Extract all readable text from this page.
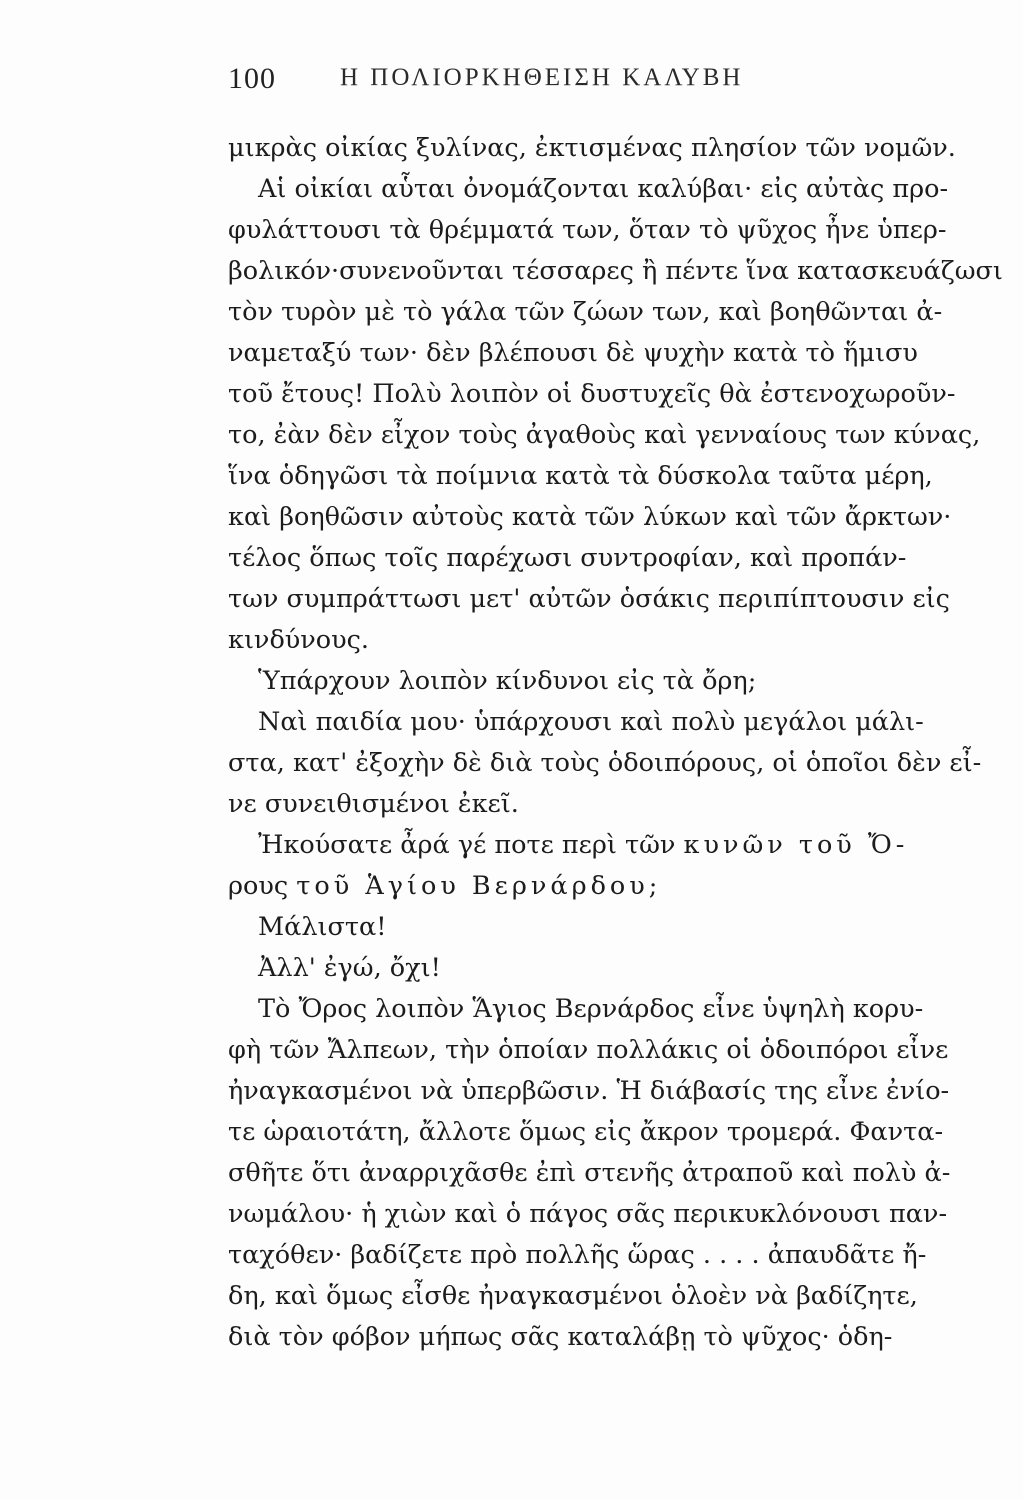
100	Η ΠΟΛΙΟΡΚΗΘΕΙΣΗ ΚΑΛΥΒΗ
μικρὰς οἰκίας ξυλίνας, ἐκτισμένας πλησίον τῶν νομῶν.
Αἱ οἰκίαι αὗται ὀνομάζονται καλύβαι· εἰς αὐτὰς προ-
φυλάττουσι τὰ θρέμματά των, ὅταν τὸ ψῦχος ἦνε ὑπερ-
βολικόν·συνενοῦνται τέσσαρες ἢ πέντε ἵνα κατασκευάζωσι
τὸν τυρὸν μὲ τὸ γάλα τῶν ζώων των, καὶ βοηθῶνται ἀ-
ναμεταξύ των· δὲν βλέπουσι δὲ ψυχὴν κατὰ τὸ ἥμισυ
τοῦ ἔτους! Πολὺ λοιπὸν οἱ δυστυχεῖς θὰ ἐστενοχωροῦν-
το, ἐὰν δὲν εἶχον τοὺς ἀγαθοὺς καὶ γενναίους των κύνας,
ἵνα ὁδηγῶσι τὰ ποίμνια κατὰ τὰ δύσκολα ταῦτα μέρη,
καὶ βοηθῶσιν αὐτοὺς κατὰ τῶν λύκων καὶ τῶν ἄρκτων·
τέλος ὅπως τοῖς παρέχωσι συντροφίαν, καὶ προπάν-
των συμπράττωσι μετ' αὐτῶν ὁσάκις περιπίπτουσιν εἰς
κινδύνους.
Ὑπάρχουν λοιπὸν κίνδυνοι εἰς τὰ ὄρη;
Ναὶ παιδία μου· ὑπάρχουσι καὶ πολὺ μεγάλοι μάλι-
στα, κατ' ἐξοχὴν δὲ διὰ τοὺς ὁδοιπόρους, οἱ ὁποῖοι δὲν εἶ-
νε συνειθισμένοι ἐκεῖ.
Ἠκούσατε ἆρά γέ ποτε περὶ τῶν κυνῶν τοῦ Ὄ-
ρους τοῦ Ἁγίου Βερνάρδου;
Μάλιστα!
Ἀλλ' ἐγώ, ὄχι!
Τὸ Ὄρος λοιπὸν Ἅγιος Βερνάρδος εἶνε ὑψηλὴ κορυ-
φὴ τῶν Ἄλπεων, τὴν ὁποίαν πολλάκις οἱ ὁδοιπόροι εἶνε
ἠναγκασμένοι νὰ ὑπερβῶσιν. Ἡ διάβασίς της εἶνε ἐνίο-
τε ὡραιοτάτη, ἄλλοτε ὅμως εἰς ἄκρον τρομερά. Φαντα-
σθῆτε ὅτι ἀναρριχᾶσθε ἐπὶ στενῆς ἀτραποῦ καὶ πολὺ ἀ-
νωμάλου· ἡ χιὼν καὶ ὁ πάγος σᾶς περικυκλόνουσι παν-
ταχόθεν· βαδίζετε πρὸ πολλῆς ὥρας . . . . ἀπαυδᾶτε ἤ-
δη, καὶ ὅμως εἶσθε ἠναγκασμένοι ὁλοὲν νὰ βαδίζητε,
διὰ τὸν φόβον μήπως σᾶς καταλάβῃ τὸ ψῦχος· ὁδη-
